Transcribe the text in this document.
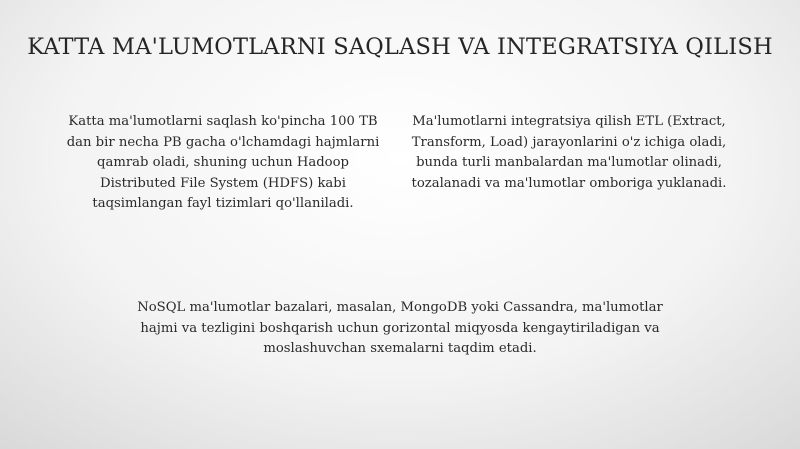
KATTA MA'LUMOTLARNI SAQLASH VA INTEGRATSIYA QILISH
Katta ma'lumotlarni saqlash ko'pincha 100 TB dan bir necha PB gacha o'lchamdagi hajmlarni qamrab oladi, shuning uchun Hadoop Distributed File System (HDFS) kabi taqsimlangan fayl tizimlari qo'llaniladi.
Ma'lumotlarni integratsiya qilish ETL (Extract, Transform, Load) jarayonlarini o'z ichiga oladi, bunda turli manbalardan ma'lumotlar olinadi, tozalanadi va ma'lumotlar omboriga yuklanadi.
NoSQL ma'lumotlar bazalari, masalan, MongoDB yoki Cassandra, ma'lumotlar hajmi va tezligini boshqarish uchun gorizontal miqyosda kengaytiriladigan va moslashuvchan sxemalarni taqdim etadi.
